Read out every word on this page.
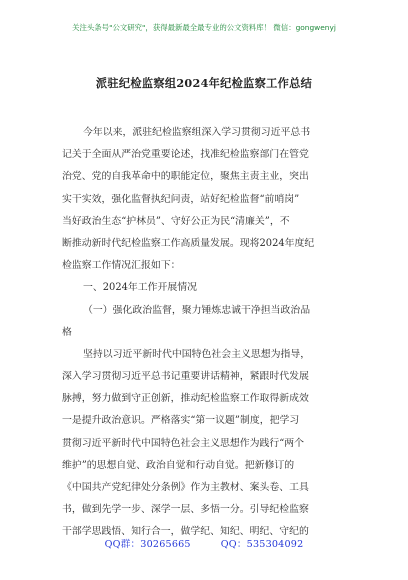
关注头条号"公文研究"，获得最新最全最专业的公文资料库！ 微信：gongwenyj
派驻纪检监察组2024年纪检监察工作总结
今年以来，派驻纪检监察组深入学习贯彻习近平总书
记关于全面从严治党重要论述，找准纪检监察部门在管党
治党、党的自我革命中的职能定位，聚焦主责主业，突出
实干实效，强化监督执纪问责，站好纪检监督“前哨岗”
当好政治生态“护林员”、守好公正为民“清廉关”，不
断推动新时代纪检监察工作高质量发展。现将2024年度纪
检监察工作情况汇报如下：
一、2024年工作开展情况
（一）强化政治监督，聚力锤炼忠诚干净担当政治品
格
坚持以习近平新时代中国特色社会主义思想为指导，
深入学习贯彻习近平总书记重要讲话精神，紧跟时代发展
脉搏，努力做到守正创新，推动纪检监察工作取得新成效
一是提升政治意识。严格落实“第一议题”制度，把学习
贯彻习近平新时代中国特色社会主义思想作为践行“两个
维护”的思想自觉、政治自觉和行动自觉。把新修订的
《中国共产党纪律处分条例》作为主教材、案头卷、工具
书，做到先学一步、深学一层、多悟一分。引导纪检监察
干部学思践悟、知行合一，做学纪、知纪、明纪、守纪的
QQ群：30265665	QQ：535304092
